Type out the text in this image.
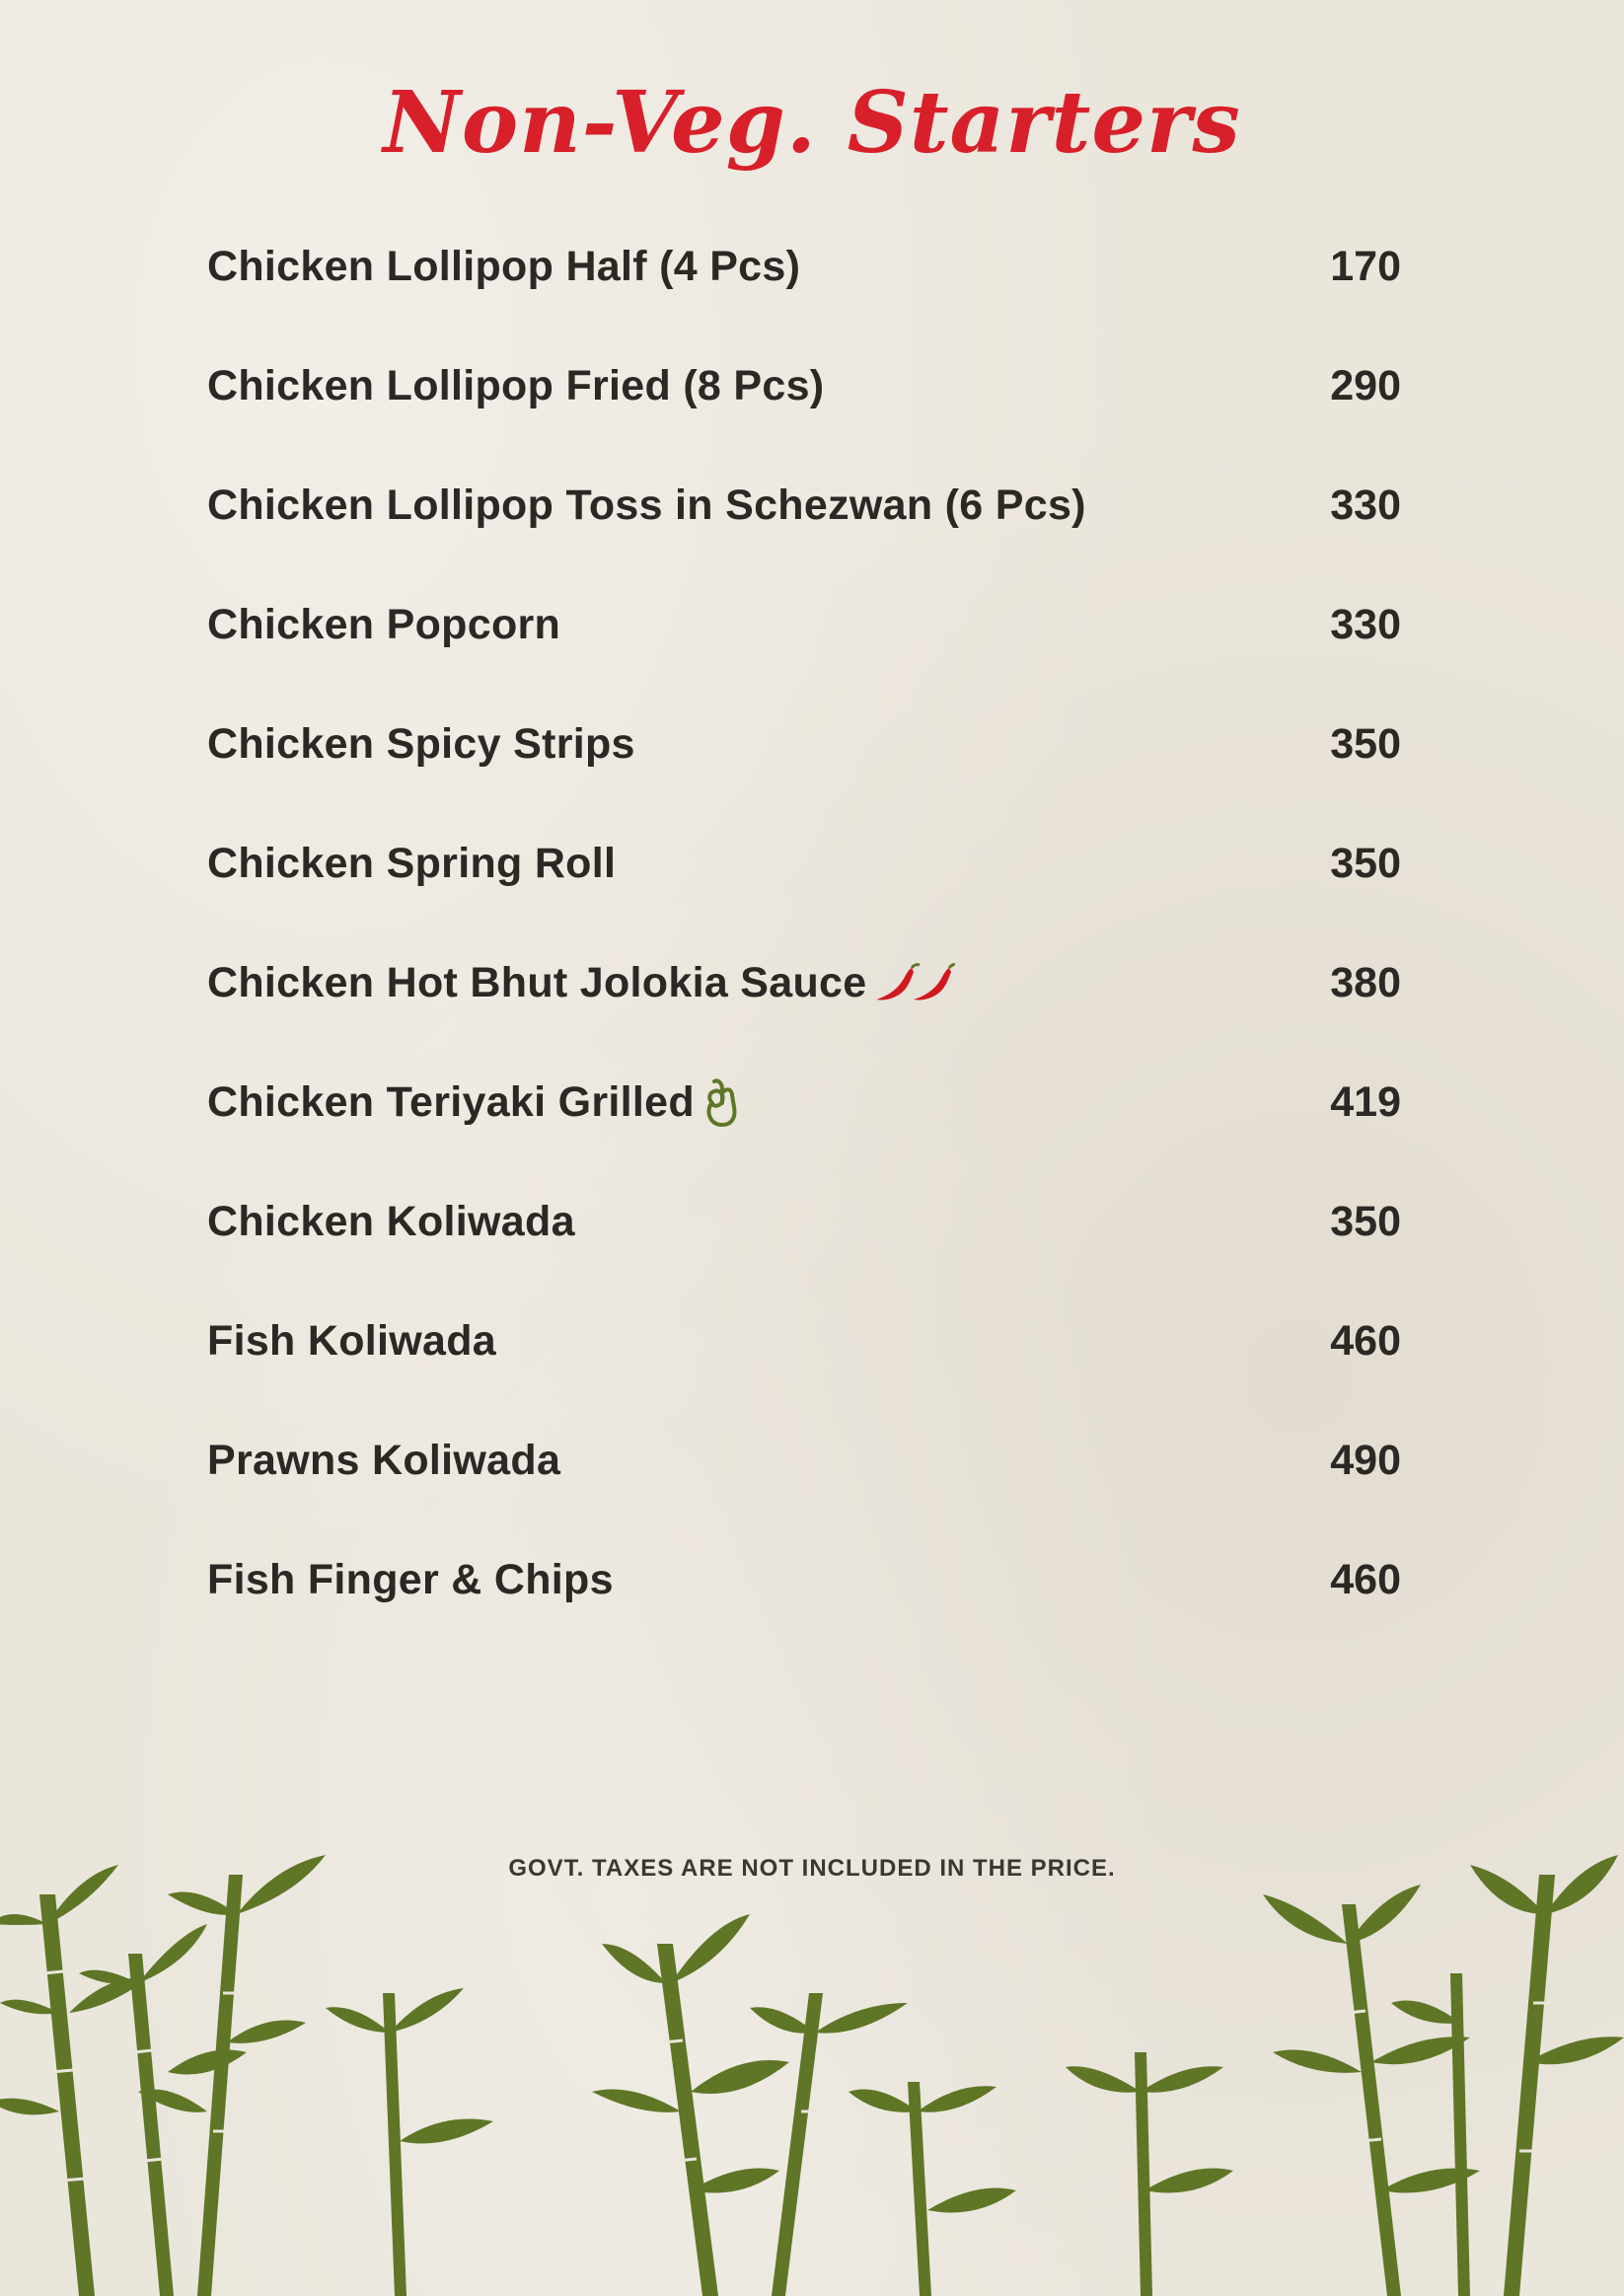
Non-Veg. Starters
Chicken Lollipop Half (4 Pcs)	170
Chicken Lollipop Fried (8 Pcs)	290
Chicken Lollipop Toss in Schezwan (6 Pcs)	330
Chicken Popcorn	330
Chicken Spicy Strips	350
Chicken Spring Roll	350
Chicken Hot Bhut Jolokia Sauce	380
Chicken Teriyaki Grilled	419
Chicken Koliwada	350
Fish Koliwada	460
Prawns Koliwada	490
Fish Finger & Chips	460
GOVT. TAXES ARE NOT INCLUDED IN THE PRICE.
